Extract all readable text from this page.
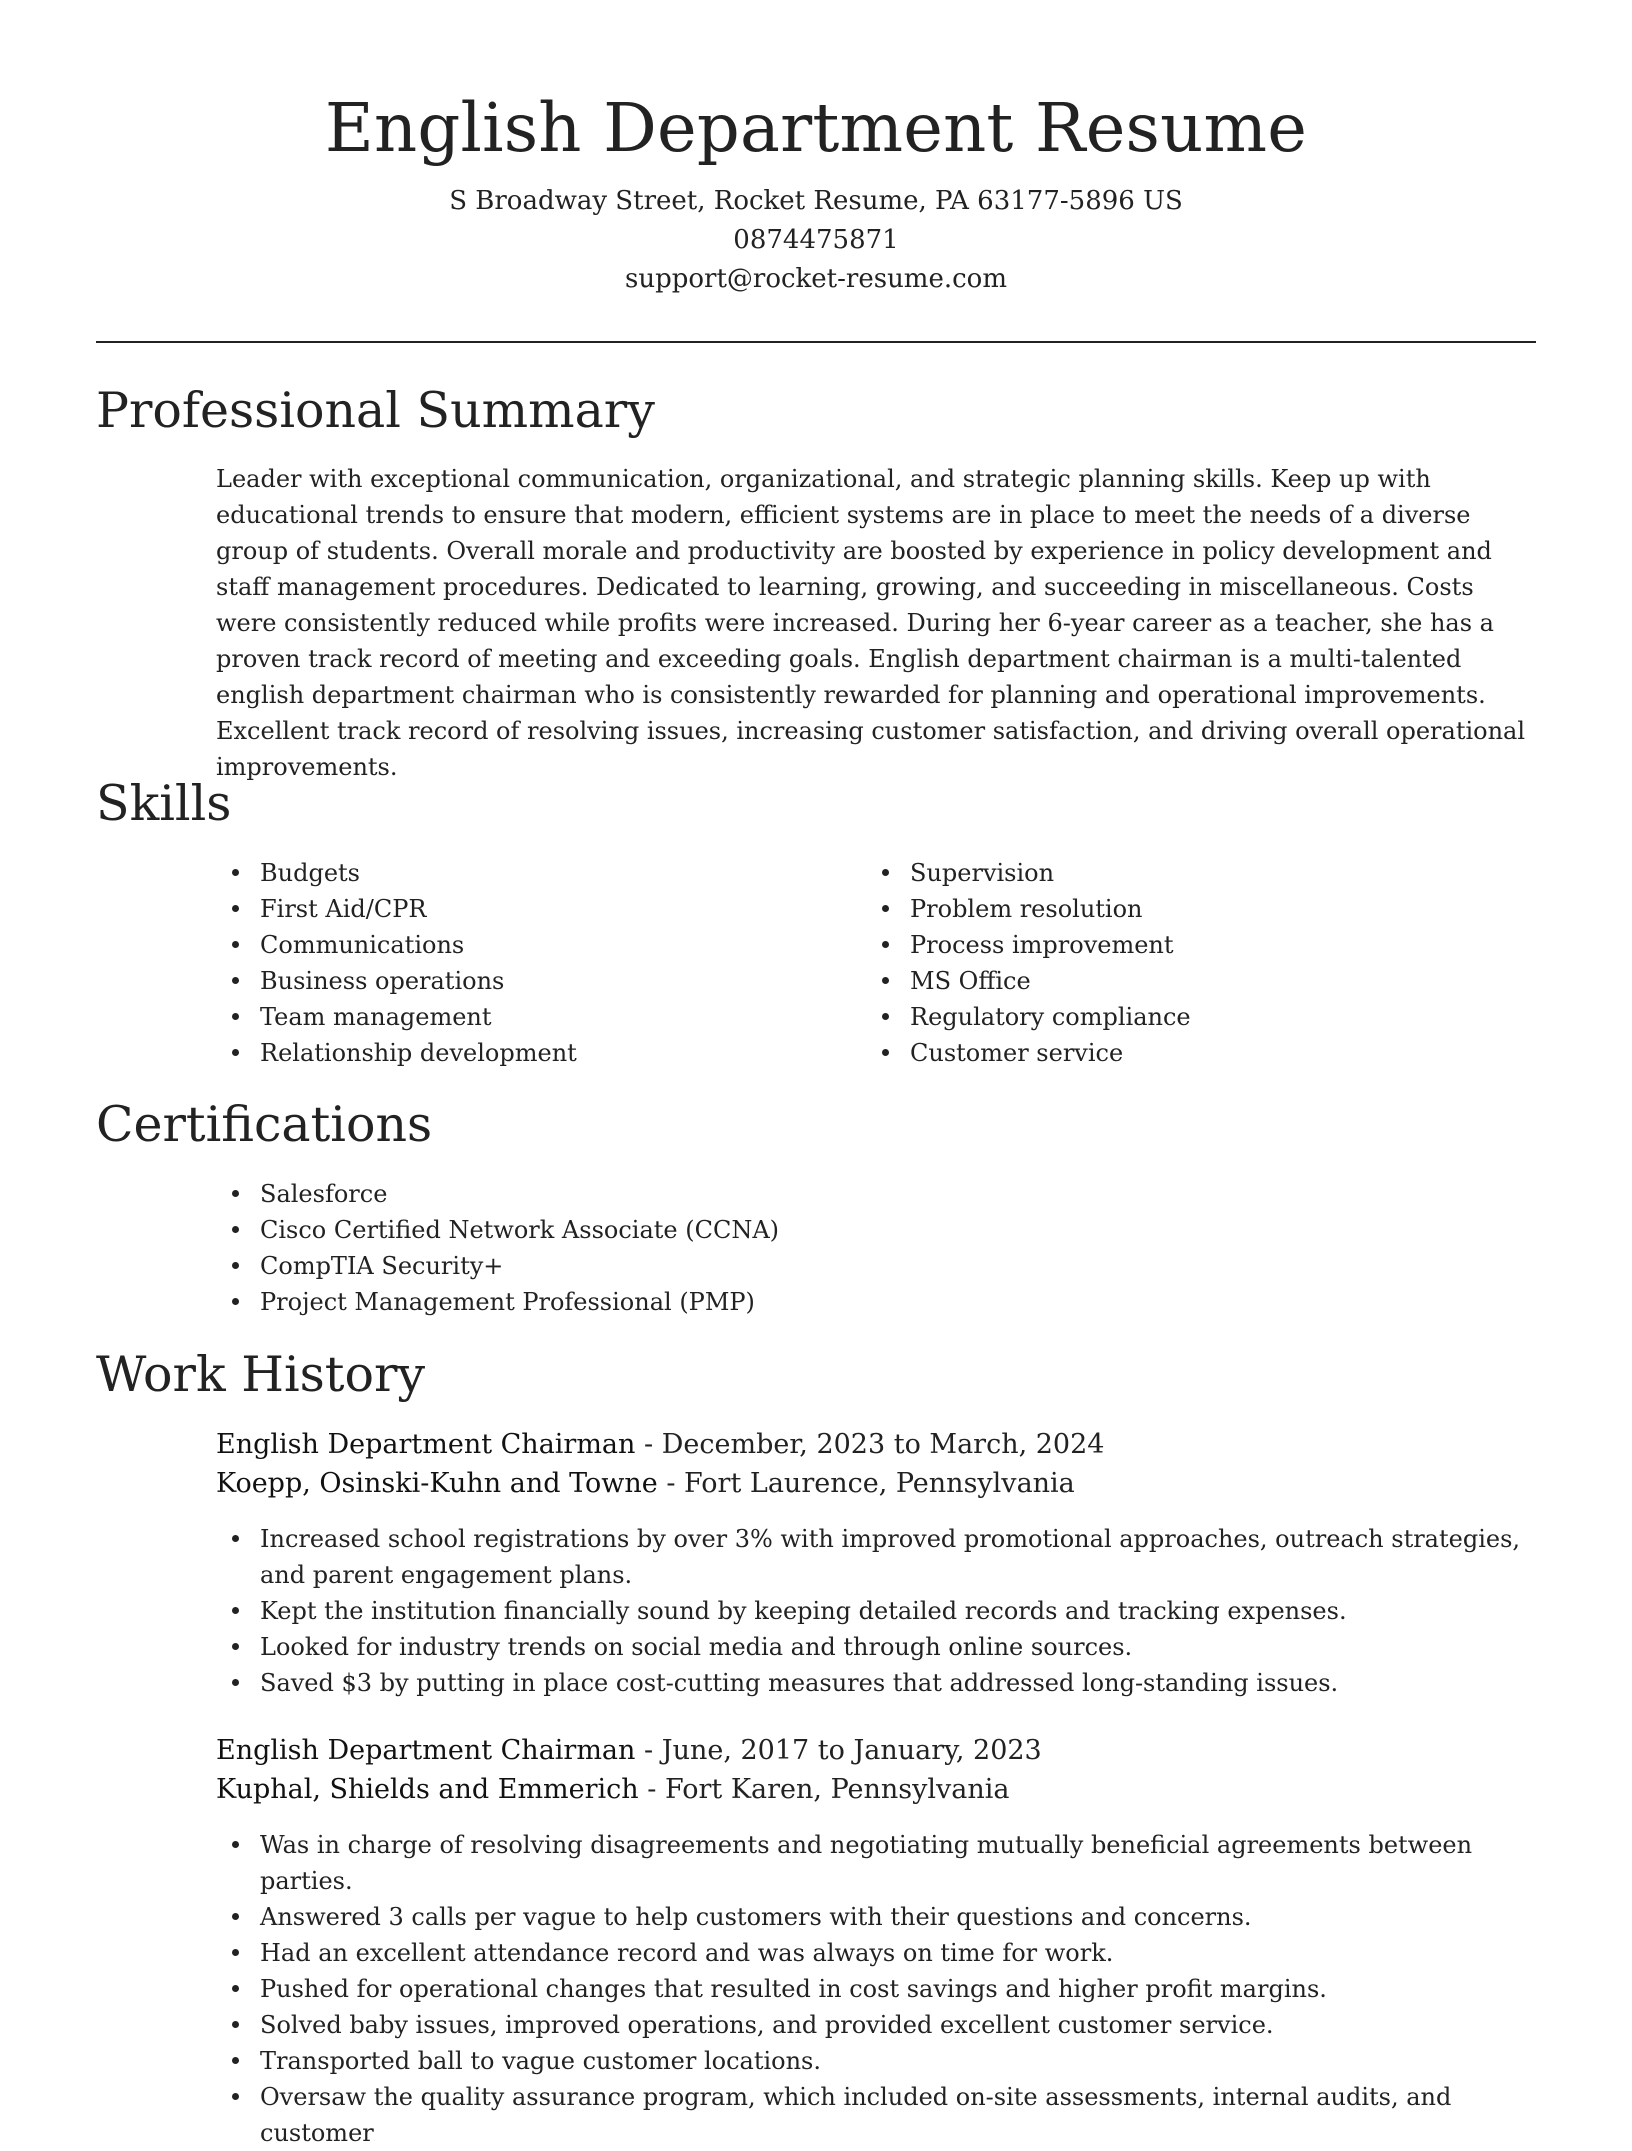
English Department Resume
S Broadway Street, Rocket Resume, PA 63177-5896 US
0874475871
support@rocket-resume.com
Professional Summary

Leader with exceptional communication, organizational, and strategic planning skills. Keep up with educational trends to ensure that modern, efficient systems are in place to meet the needs of a diverse group of students. Overall morale and productivity are boosted by experience in policy development and staff management procedures. Dedicated to learning, growing, and succeeding in miscellaneous. Costs were consistently reduced while profits were increased. During her 6-year career as a teacher, she has a proven track record of meeting and exceeding goals. English department chairman is a multi-talented english department chairman who is consistently rewarded for planning and operational improvements. Excellent track record of resolving issues, increasing customer satisfaction, and driving overall operational improvements.

Skills
Budgets
First Aid/CPR
Communications
Business operations
Team management
Relationship development
Supervision
Problem resolution
Process improvement
MS Office
Regulatory compliance
Customer service
Certifications
Salesforce
Cisco Certified Network Associate (CCNA)
CompTIA Security+
Project Management Professional (PMP)
Work History
English Department Chairman - December, 2023 to March, 2024
Koepp, Osinski-Kuhn and Towne - Fort Laurence, Pennsylvania
Increased school registrations by over 3% with improved promotional approaches, outreach strategies, and parent engagement plans.
Kept the institution financially sound by keeping detailed records and tracking expenses.
Looked for industry trends on social media and through online sources.
Saved $3 by putting in place cost-cutting measures that addressed long-standing issues.
English Department Chairman - June, 2017 to January, 2023
Kuphal, Shields and Emmerich - Fort Karen, Pennsylvania
Was in charge of resolving disagreements and negotiating mutually beneficial agreements between parties.
Answered 3 calls per vague to help customers with their questions and concerns.
Had an excellent attendance record and was always on time for work.
Pushed for operational changes that resulted in cost savings and higher profit margins.
Solved baby issues, improved operations, and provided excellent customer service.
Transported ball to vague customer locations.
Oversaw the quality assurance program, which included on-site assessments, internal audits, and customer
